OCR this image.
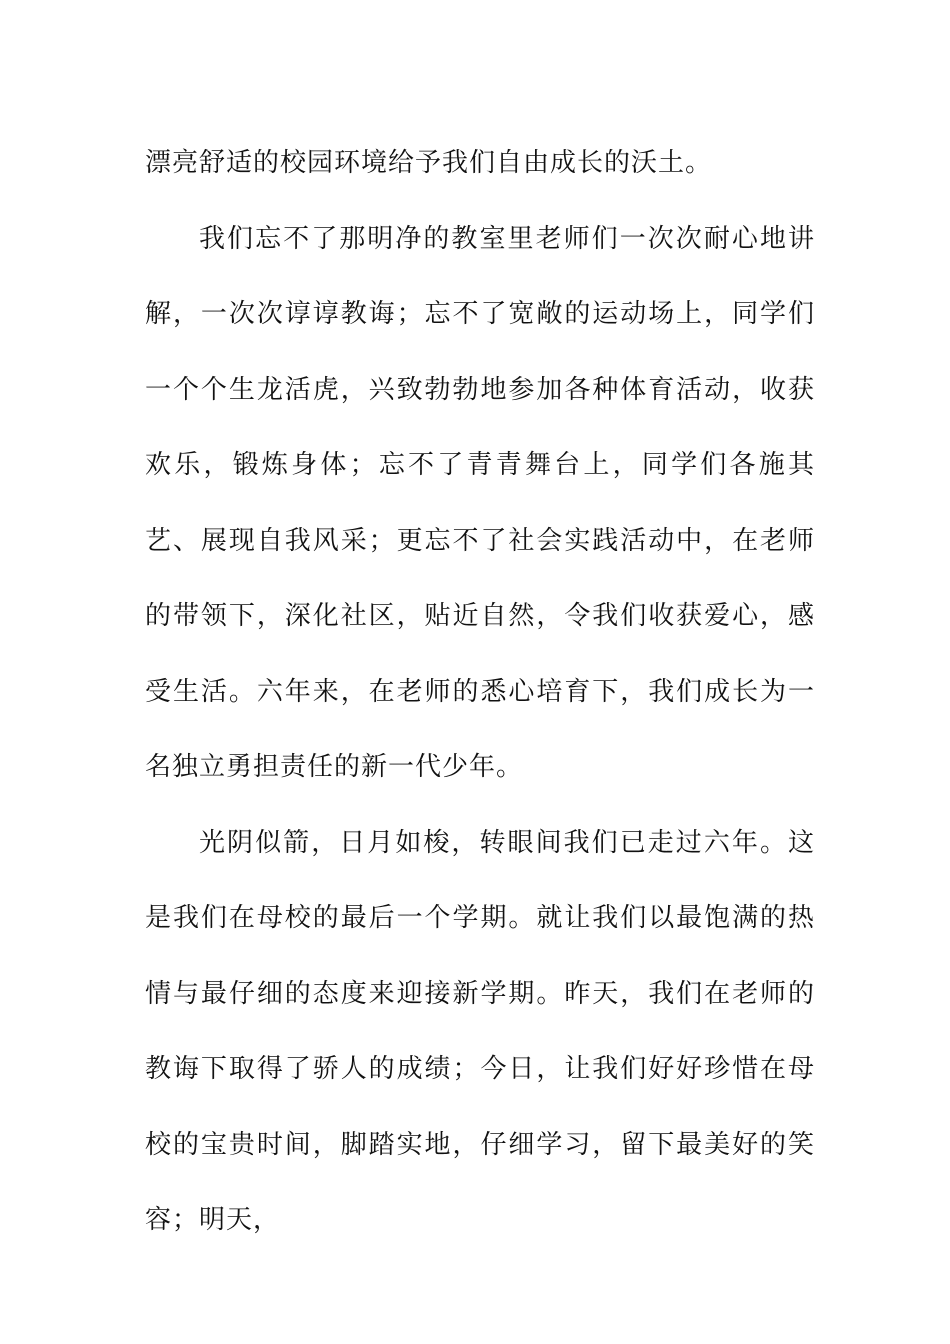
漂亮舒适的校园环境给予我们自由成长的沃土。

我们忘不了那明净的教室里老师们一次次耐心地讲解，一次次谆谆教诲；忘不了宽敞的运动场上，同学们一个个生龙活虎，兴致勃勃地参加各种体育活动，收获欢乐，锻炼身体；忘不了青青舞台上，同学们各施其艺、展现自我风采；更忘不了社会实践活动中，在老师的带领下，深化社区，贴近自然，令我们收获爱心，感受生活。六年来，在老师的悉心培育下，我们成长为一名独立勇担责任的新一代少年。

光阴似箭，日月如梭，转眼间我们已走过六年。这是我们在母校的最后一个学期。就让我们以最饱满的热情与最仔细的态度来迎接新学期。昨天，我们在老师的教诲下取得了骄人的成绩；今日，让我们好好珍惜在母校的宝贵时间，脚踏实地，仔细学习，留下最美好的笑容；明天，
